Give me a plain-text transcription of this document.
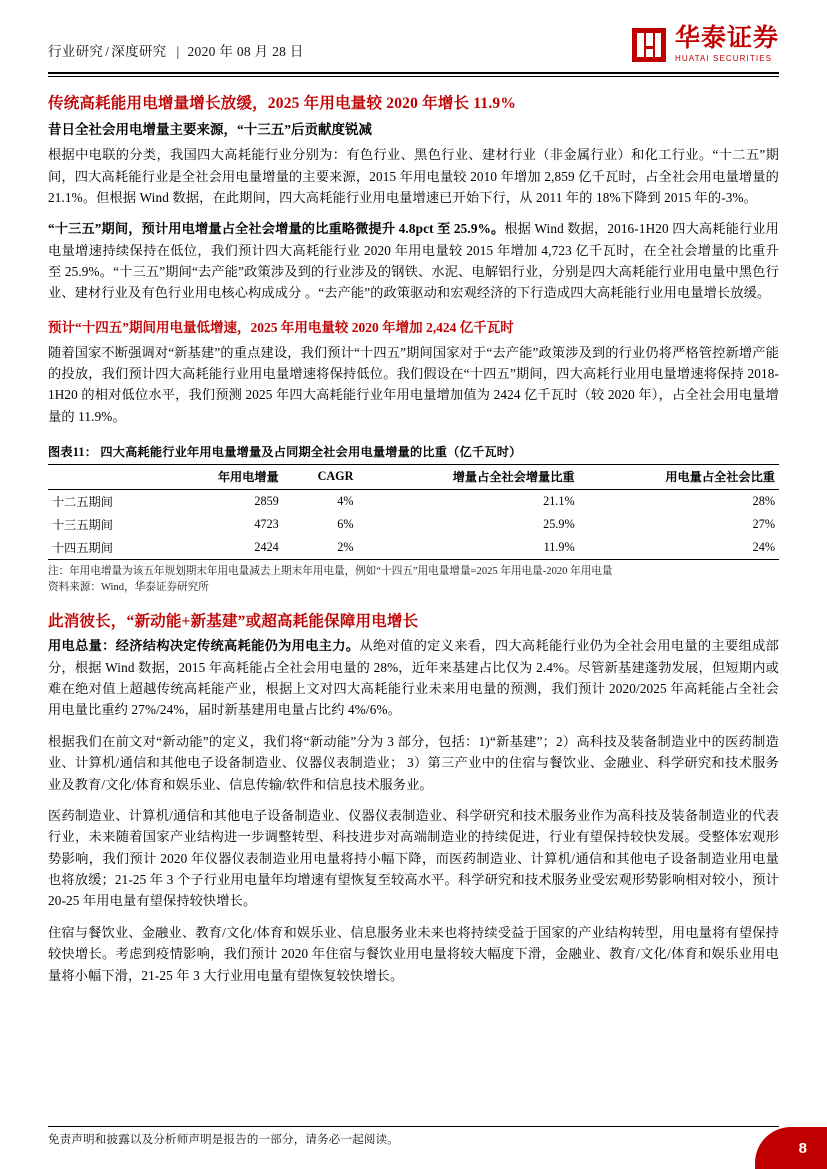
行业研究 / 深度研究 | 2020 年 08 月 28 日	华泰证券
HUATAI SECURITIES
传统高耗能用电增量增长放缓，2025 年用电量较 2020 年增长 11.9%
昔日全社会用电增量主要来源，“十三五”后贡献度锐减

根据中电联的分类，我国四大高耗能行业分别为：有色行业、黑色行业、建材行业（非金属行业）和化工行业。“十二五”期间，四大高耗能行业是全社会用电量增量的主要来源，2015 年用电量较 2010 年增加 2,859 亿千瓦时，占全社会用电量增量的 21.1%。但根据 Wind 数据，在此期间，四大高耗能行业用电量增速已开始下行，从 2011 年的 18%下降到 2015 年的-3%。

“十三五”期间，预计用电增量占全社会增量的比重略微提升 4.8pct 至 25.9%。根据 Wind 数据，2016-1H20 四大高耗能行业用电量增速持续保持在低位，我们预计四大高耗能行业 2020 年用电量较 2015 年增加 4,723 亿千瓦时，在全社会增量的比重升至 25.9%。“十三五”期间“去产能”政策涉及到的行业涉及的钢铁、水泥、电解铝行业，分别是四大高耗能行业用电量中黑色行业、建材行业及有色行业用电核心构成成分 。“去产能”的政策驱动和宏观经济的下行造成四大高耗能行业用电量增长放缓。

预计“十四五”期间用电量低增速，2025 年用电量较 2020 年增加 2,424 亿千瓦时

随着国家不断强调对“新基建”的重点建设，我们预计“十四五”期间国家对于“去产能”政策涉及到的行业仍将严格管控新增产能的投放，我们预计四大高耗能行业用电量增速将保持低位。我们假设在“十四五”期间，四大高耗行业用电量增速将保持 2018-1H20 的相对低位水平，我们预测 2025 年四大高耗能行业年用电量增加值为 2424 亿千瓦时（较 2020 年），占全社会用电量增量的 11.9%。

图表11： 四大高耗能行业年用电量增量及占同期全社会用电量增量的比重（亿千瓦时）
	年用电增量	CAGR	增量占全社会增量比重	用电量占全社会比重
十二五期间	2859	4%	21.1%	28%
十三五期间	4723	6%	25.9%	27%
十四五期间	2424	2%	11.9%	24%
注：年用电增量为该五年规划期末年用电量减去上期末年用电量，例如“十四五”用电量增量=2025 年用电量-2020 年用电量
资料来源：Wind，华泰证券研究所
此消彼长，“新动能+新基建”或超高耗能保障用电增长

用电总量：经济结构决定传统高耗能仍为用电主力。从绝对值的定义来看，四大高耗能行业仍为全社会用电量的主要组成部分，根据 Wind 数据，2015 年高耗能占全社会用电量的 28%，近年来基建占比仅为 2.4%。尽管新基建蓬勃发展，但短期内或难在绝对值上超越传统高耗能产业，根据上文对四大高耗能行业未来用电量的预测，我们预计 2020/2025 年高耗能占全社会用电量比重约 27%/24%，届时新基建用电量占比约 4%/6%。

根据我们在前文对“新动能”的定义，我们将“新动能”分为 3 部分，包括：1)“新基建”；2）高科技及装备制造业中的医药制造业、计算机/通信和其他电子设备制造业、仪器仪表制造业； 3）第三产业中的住宿与餐饮业、金融业、科学研究和技术服务业及教育/文化/体育和娱乐业、信息传输/软件和信息技术服务业。

医药制造业、计算机/通信和其他电子设备制造业、仪器仪表制造业、科学研究和技术服务业作为高科技及装备制造业的代表行业，未来随着国家产业结构进一步调整转型、科技进步对高端制造业的持续促进，行业有望保持较快发展。受整体宏观形势影响，我们预计 2020 年仪器仪表制造业用电量将持小幅下降，而医药制造业、计算机/通信和其他电子设备制造业用电量也将放缓；21-25 年 3 个子行业用电量年均增速有望恢复至较高水平。科学研究和技术服务业受宏观形势影响相对较小，预计 20-25 年用电量有望保持较快增长。

住宿与餐饮业、金融业、教育/文化/体育和娱乐业、信息服务业未来也将持续受益于国家的产业结构转型，用电量将有望保持较快增长。考虑到疫情影响，我们预计 2020 年住宿与餐饮业用电量将较大幅度下滑，金融业、教育/文化/体育和娱乐业用电量将小幅下滑，21-25 年 3 大行业用电量有望恢复较快增长。

免责声明和披露以及分析师声明是报告的一部分，请务必一起阅读。	8
